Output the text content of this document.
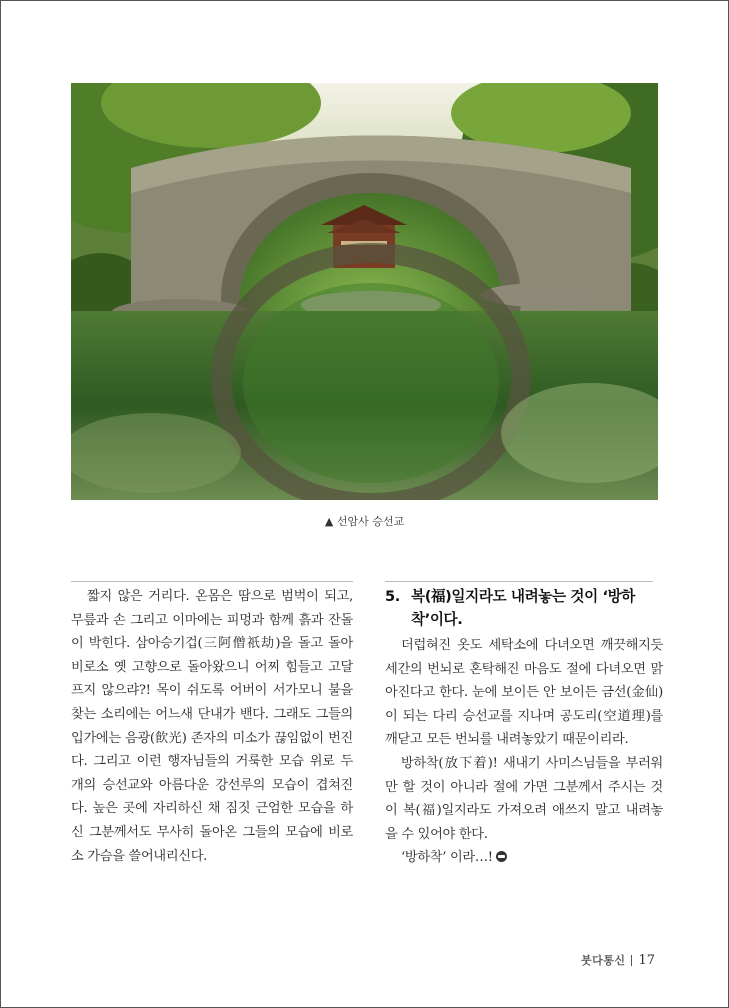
▲ 선암사 승선교

짧지 않은 거리다. 온몸은 땀으로 범벅이 되고, 무릎과 손 그리고 이마에는 피멍과 함께 흙과 잔돌이 박힌다. 삼아승기겁(三阿僧祇劫)을 돌고 돌아 비로소 옛 고향으로 돌아왔으니 어찌 힘들고 고달프지 않으랴?! 목이 쉬도록 어버이 서가모니 불을 찾는 소리에는 어느새 단내가 밴다. 그래도 그들의 입가에는 음광(飮光) 존자의 미소가 끊임없이 번진다. 그리고 이런 행자님들의 거룩한 모습 위로 두 개의 승선교와 아름다운 강선루의 모습이 겹쳐진다. 높은 곳에 자리하신 채 짐짓 근엄한 모습을 하신 그분께서도 무사히 돌아온 그들의 모습에 비로소 가슴을 쓸어내리신다.

5. 복(福)일지라도 내려놓는 것이 ‘방하착’이다.

더럽혀진 옷도 세탁소에 다녀오면 깨끗해지듯 세간의 번뇌로 혼탁해진 마음도 절에 다녀오면 맑아진다고 한다. 눈에 보이든 안 보이든 금선(金仙)이 되는 다리 승선교를 지나며 공도리(空道理)를 깨닫고 모든 번뇌를 내려놓았기 때문이리라.

방하착(放下着)! 새내기 사미스님들을 부러워만 할 것이 아니라 절에 가면 그분께서 주시는 것이 복(福)일지라도 가져오려 애쓰지 말고 내려놓을 수 있어야 한다.

‘방하착’ 이라…!

붓다통신 17
